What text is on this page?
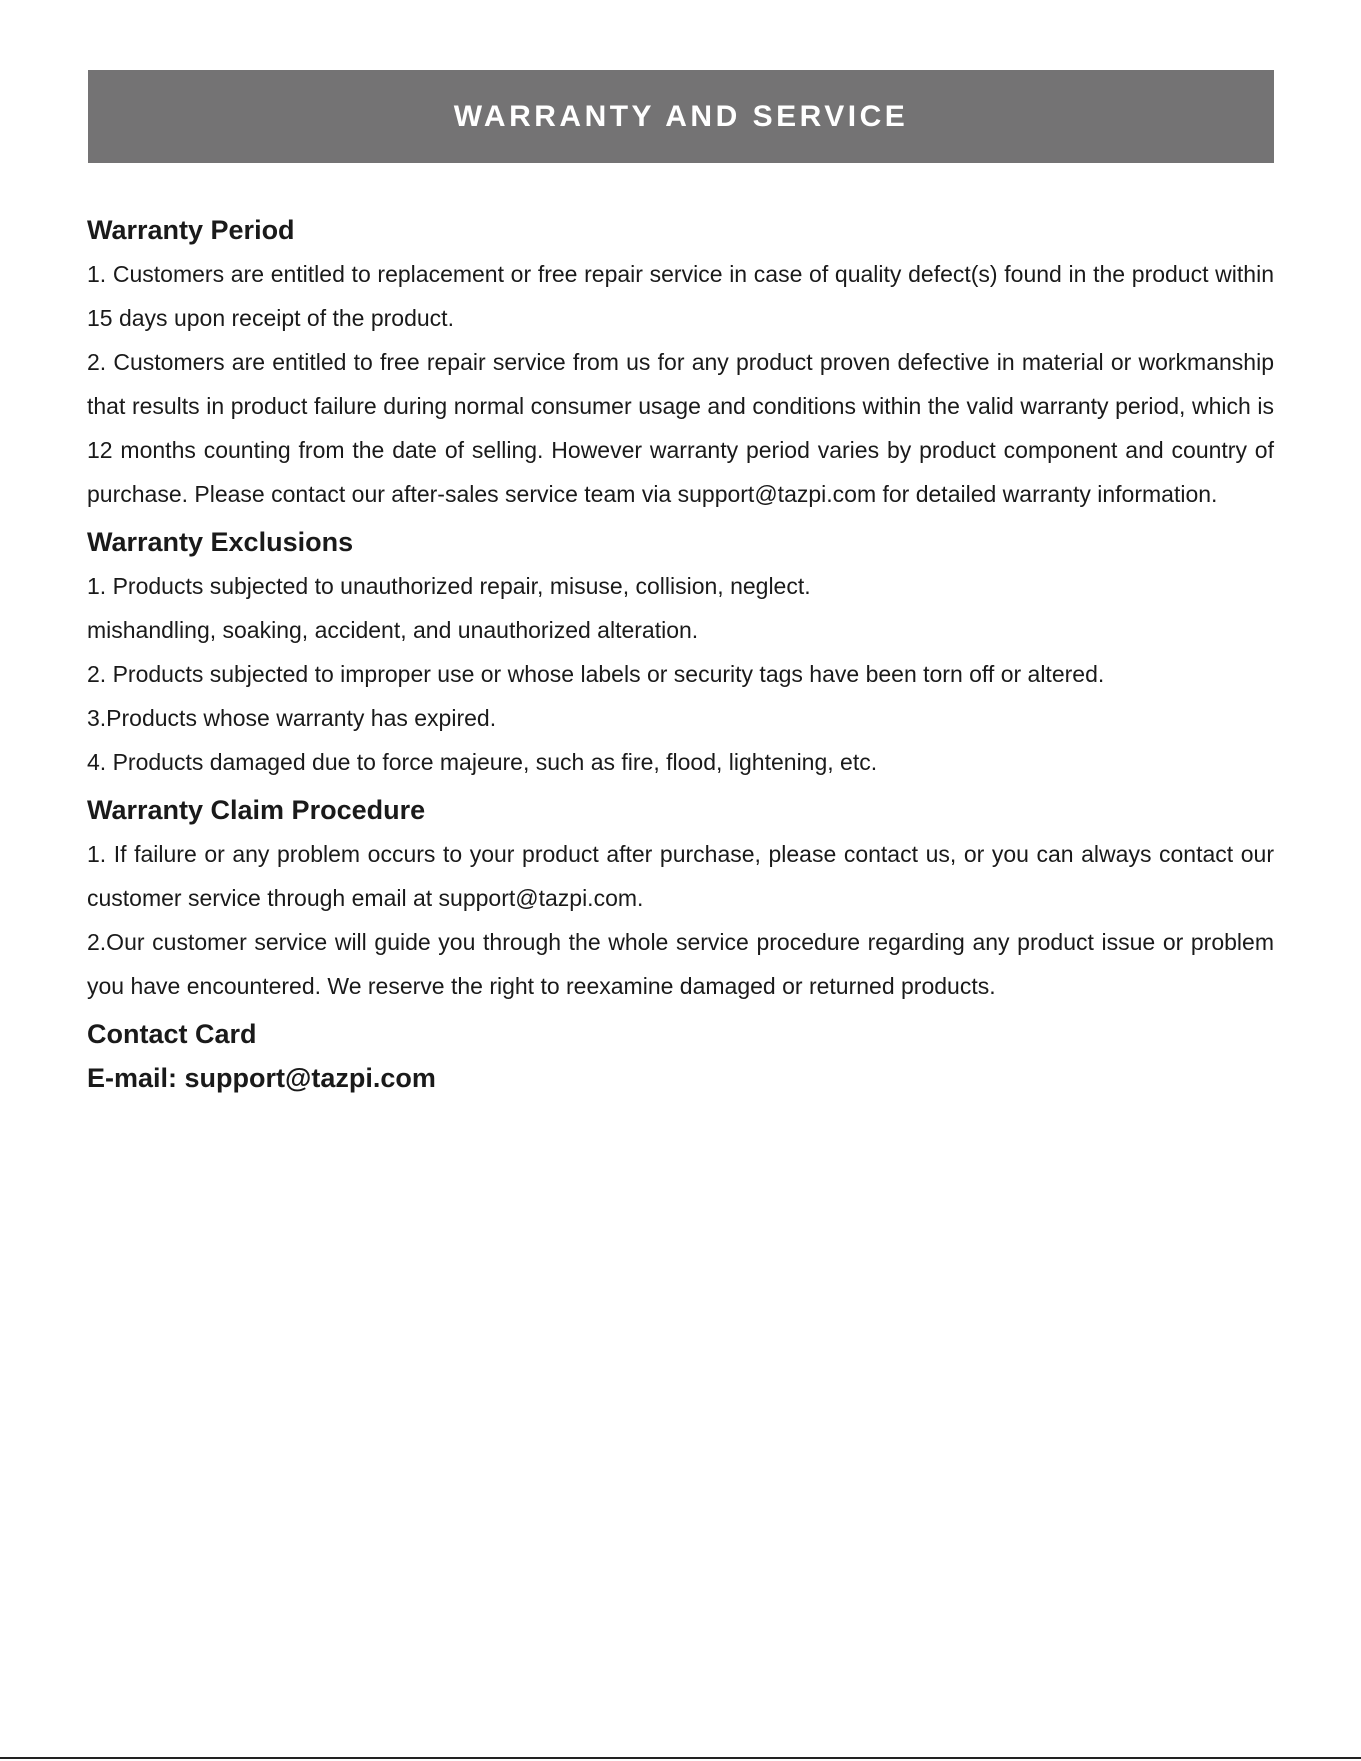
WARRANTY AND SERVICE
Warranty Period

1. Customers are entitled to replacement or free repair service in case of quality defect(s) found in the product within 15 days upon receipt of the product.

2. Customers are entitled to free repair service from us for any product proven defective in material or workmanship that results in product failure during normal consumer usage and conditions within the valid warranty period, which is 12 months counting from the date of selling. However warranty period varies by product component and country of purchase. Please contact our after-sales service team via support@tazpi.com for detailed warranty information.

Warranty Exclusions

1. Products subjected to unauthorized repair, misuse, collision, neglect.

mishandling, soaking, accident, and unauthorized alteration.

2. Products subjected to improper use or whose labels or security tags have been torn off or altered.

3.Products whose warranty has expired.

4. Products damaged due to force majeure, such as fire, flood, lightening, etc.

Warranty Claim Procedure

1. If failure or any problem occurs to your product after purchase, please contact us, or you can always contact our customer service through email at support@tazpi.com.

2.Our customer service will guide you through the whole service procedure regarding any product issue or problem you have encountered. We reserve the right to reexamine damaged or returned products.

Contact Card
E-mail: support@tazpi.com
